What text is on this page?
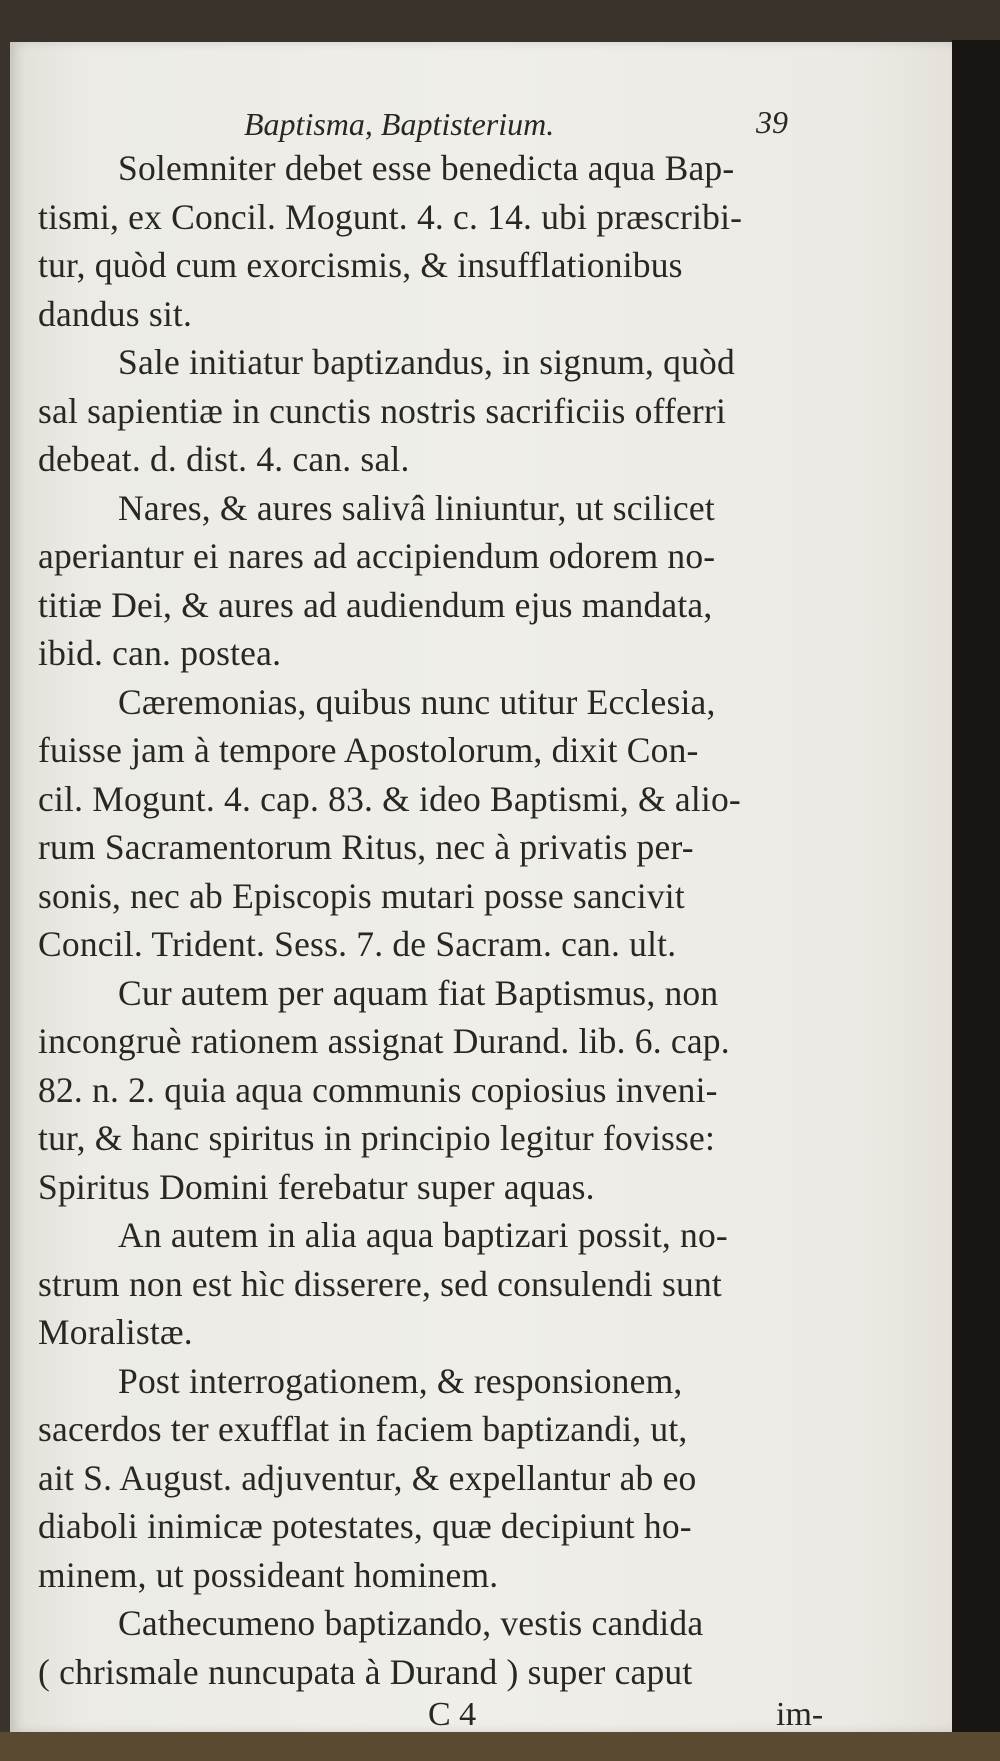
Baptisma, Baptisterium.	39

Solemniter debet esse benedicta aqua Bap-
tismi, ex Concil. Mogunt. 4. c. 14. ubi præscribi-
tur, quòd cum exorcismis, & insufflationibus
dandus sit.

Sale initiatur baptizandus, in signum, quòd
sal sapientiæ in cunctis nostris sacrificiis offerri
debeat. d. dist. 4. can. sal.

Nares, & aures salivâ liniuntur, ut scilicet
aperiantur ei nares ad accipiendum odorem no-
titiæ Dei, & aures ad audiendum ejus mandata,
ibid. can. postea.

Cæremonias, quibus nunc utitur Ecclesia,
fuisse jam à tempore Apostolorum, dixit Con-
cil. Mogunt. 4. cap. 83. & ideo Baptismi, & alio-
rum Sacramentorum Ritus, nec à privatis per-
sonis, nec ab Episcopis mutari posse sancivit
Concil. Trident. Sess. 7. de Sacram. can. ult.

Cur autem per aquam fiat Baptismus, non
incongruè rationem assignat Durand. lib. 6. cap.
82. n. 2. quia aqua communis copiosius inveni-
tur, & hanc spiritus in principio legitur fovisse:
Spiritus Domini ferebatur super aquas.

An autem in alia aqua baptizari possit, no-
strum non est hìc disserere, sed consulendi sunt
Moralistæ.

Post interrogationem, & responsionem,
sacerdos ter exufflat in faciem baptizandi, ut,
ait S. August. adjuventur, & expellantur ab eo
diaboli inimicæ potestates, quæ decipiunt ho-
minem, ut possideant hominem.

Cathecumeno baptizando, vestis candida
( chrismale nuncupata à Durand ) super caput

C 4	im-
